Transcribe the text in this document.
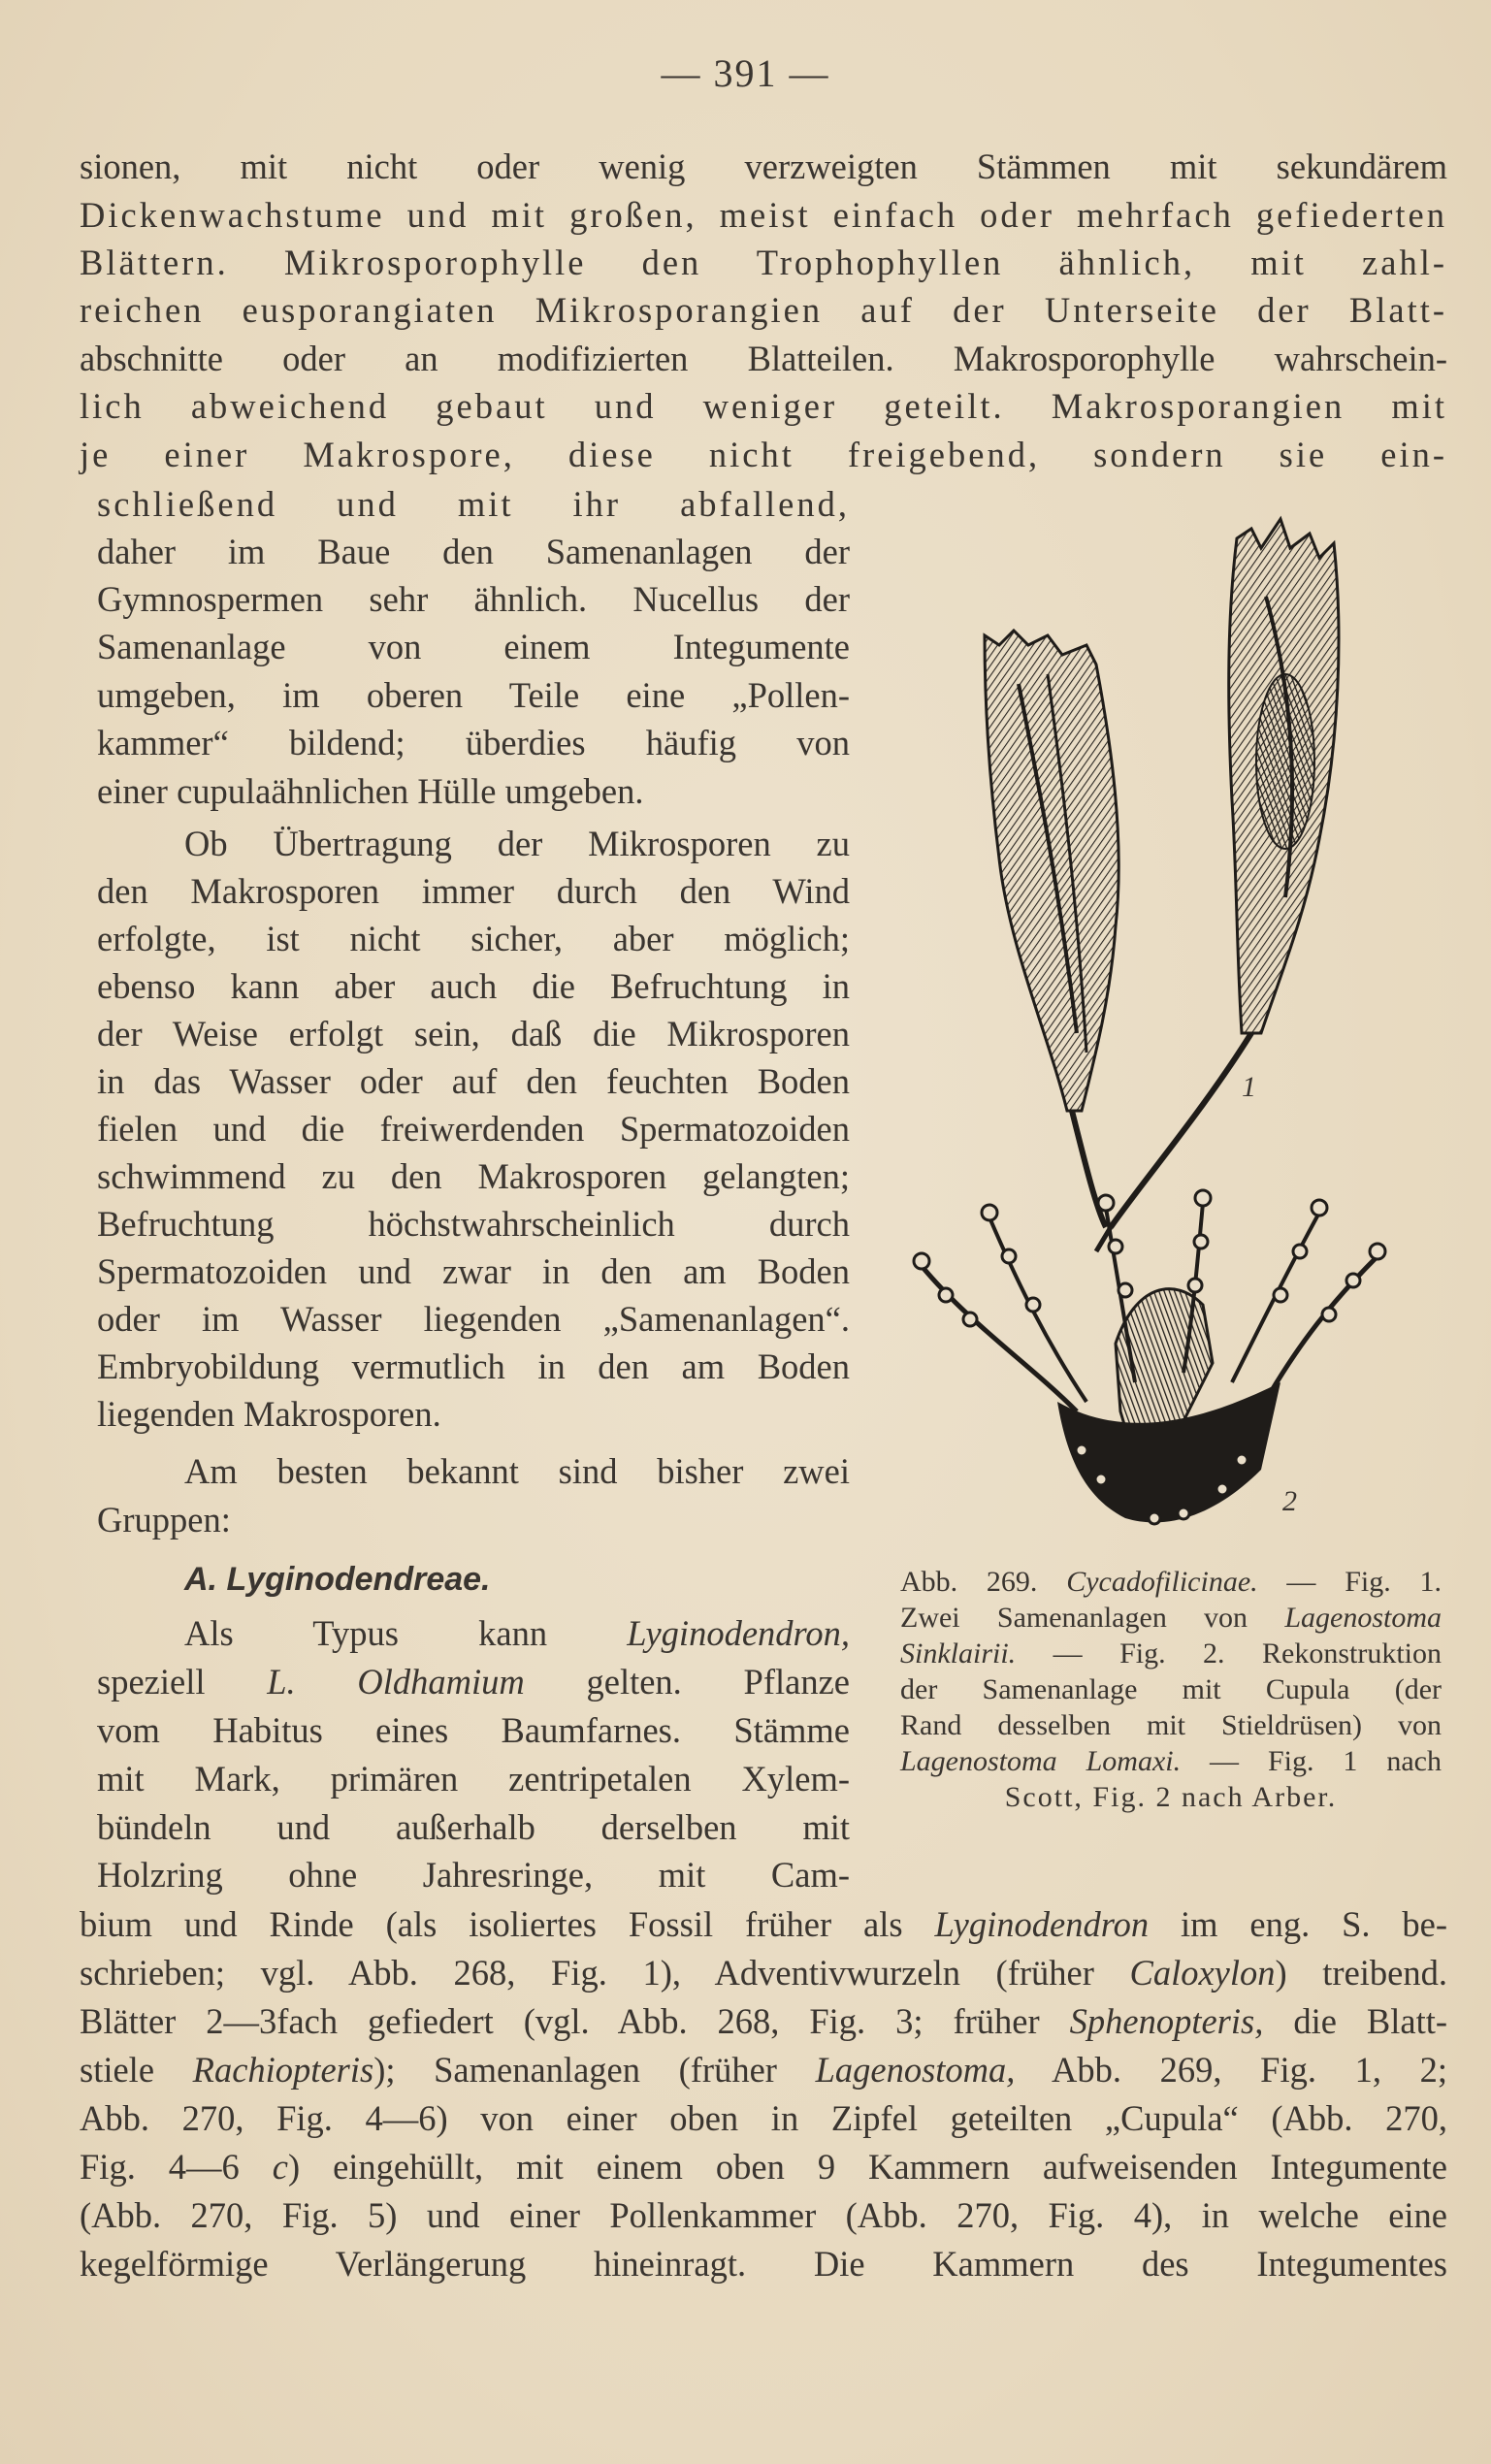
— 391 —
sionen, mit nicht oder wenig verzweigten Stämmen mit sekundärem
Dickenwachstume und mit großen, meist einfach oder mehrfach gefiederten
Blättern. Mikrosporophylle den Trophophyllen ähnlich, mit zahl-
reichen eusporangiaten Mikrosporangien auf der Unterseite der Blatt-
abschnitte oder an modifizierten Blatteilen. Makrosporophylle wahrschein-
lich abweichend gebaut und weniger geteilt. Makrosporangien mit
je einer Makrospore, diese nicht freigebend, sondern sie ein-
schließend und mit ihr abfallend,
daher im Baue den Samenanlagen der
Gymnospermen sehr ähnlich. Nucellus der
Samenanlage von einem Integumente
umgeben, im oberen Teile eine „Pollen-
kammer“ bildend; überdies häufig von
einer cupulaähnlichen Hülle umgeben.
Ob Übertragung der Mikrosporen zu
den Makrosporen immer durch den Wind
erfolgte, ist nicht sicher, aber möglich;
ebenso kann aber auch die Befruchtung in
der Weise erfolgt sein, daß die Mikrosporen
in das Wasser oder auf den feuchten Boden
fielen und die freiwerdenden Spermatozoiden
schwimmend zu den Makrosporen gelangten;
Befruchtung höchstwahrscheinlich durch
Spermatozoiden und zwar in den am Boden
oder im Wasser liegenden „Samenanlagen“.
Embryobildung vermutlich in den am Boden
liegenden Makrosporen.
Am besten bekannt sind bisher zwei
Gruppen:
A. Lyginodendreae.
Als Typus kann Lyginodendron,
speziell L. Oldhamium gelten. Pflanze
vom Habitus eines Baumfarnes. Stämme
mit Mark, primären zentripetalen Xylem-
bündeln und außerhalb derselben mit
Holzring ohne Jahresringe, mit Cam-
bium und Rinde (als isoliertes Fossil früher als Lyginodendron im eng. S. be-
schrieben; vgl. Abb. 268, Fig. 1), Adventivwurzeln (früher Caloxylon) treibend.
Blätter 2—3fach gefiedert (vgl. Abb. 268, Fig. 3; früher Sphenopteris, die Blatt-
stiele Rachiopteris); Samenanlagen (früher Lagenostoma, Abb. 269, Fig. 1, 2;
Abb. 270, Fig. 4—6) von einer oben in Zipfel geteilten „Cupula“ (Abb. 270,
Fig. 4—6 c) eingehüllt, mit einem oben 9 Kammern aufweisenden Integumente
(Abb. 270, Fig. 5) und einer Pollenkammer (Abb. 270, Fig. 4), in welche eine
kegelförmige Verlängerung hineinragt. Die Kammern des Integumentes
1
2
Abb. 269. Cycadofilicinae. — Fig. 1.
Zwei Samenanlagen von Lagenostoma
Sinklairii. — Fig. 2. Rekonstruktion
der Samenanlage mit Cupula (der
Rand desselben mit Stieldrüsen) von
Lagenostoma Lomaxi. — Fig. 1 nach
Scott, Fig. 2 nach Arber.
